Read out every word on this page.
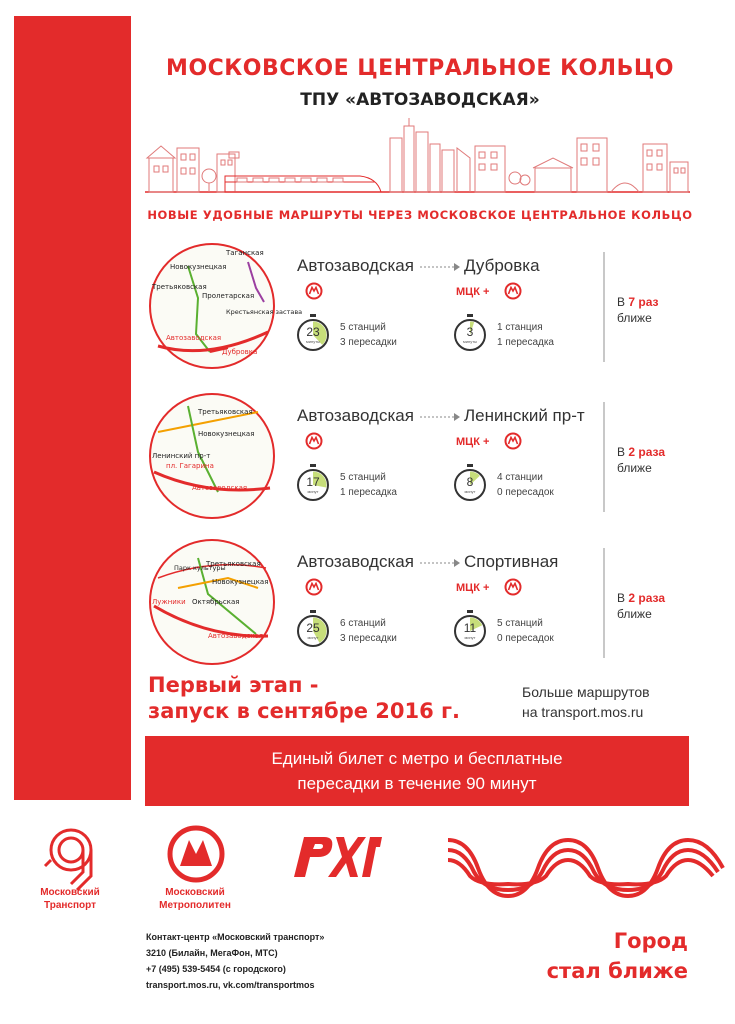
МОСКОВСКОЕ ЦЕНТРАЛЬНОЕ КОЛЬЦО
ТПУ «АВТОЗАВОДСКАЯ»
НОВЫЕ УДОБНЫЕ МАРШРУТЫ ЧЕРЕЗ МОСКОВСКОЕ ЦЕНТРАЛЬНОЕ КОЛЬЦО
Таганская
Новокузнецкая
Третьяковская
Пролетарская
Крестьянская застава
Автозаводская
Дубровка
Автозаводская	Дубровка
МЦК +
23
минуты
5 станций
3 пересадки
3
минуты
1 станция
1 пересадка
В 7 раз
ближе
Третьяковская
Новокузнецкая
Ленинский пр-т
пл. Гагарина
Автозаводская
Автозаводская	Ленинский пр-т
МЦК +
17
минут
5 станций
1 пересадка
8
минут
4 станции
0 пересадок
В 2 раза
ближе
Парк культуры
Третьяковская
Новокузнецкая
Лужники Октябрьская
Автозаводская
Автозаводская	Спортивная
МЦК +
25
минут
6 станций
3 пересадки
11
минут
5 станций
0 пересадок
В 2 раза
ближе
Первый этап -
запуск в сентябре 2016 г.
Больше маршрутов
на transport.mos.ru
Единый билет с метро и бесплатные
пересадки в течение 90 минут
Московский
Транспорт
Московский
Метрополитен
Контакт-центр «Московский транспорт»
3210 (Билайн, МегаФон, МТС)
+7 (495) 539-5454 (с городского)
transport.mos.ru, vk.com/transportmos
Город
стал ближе
